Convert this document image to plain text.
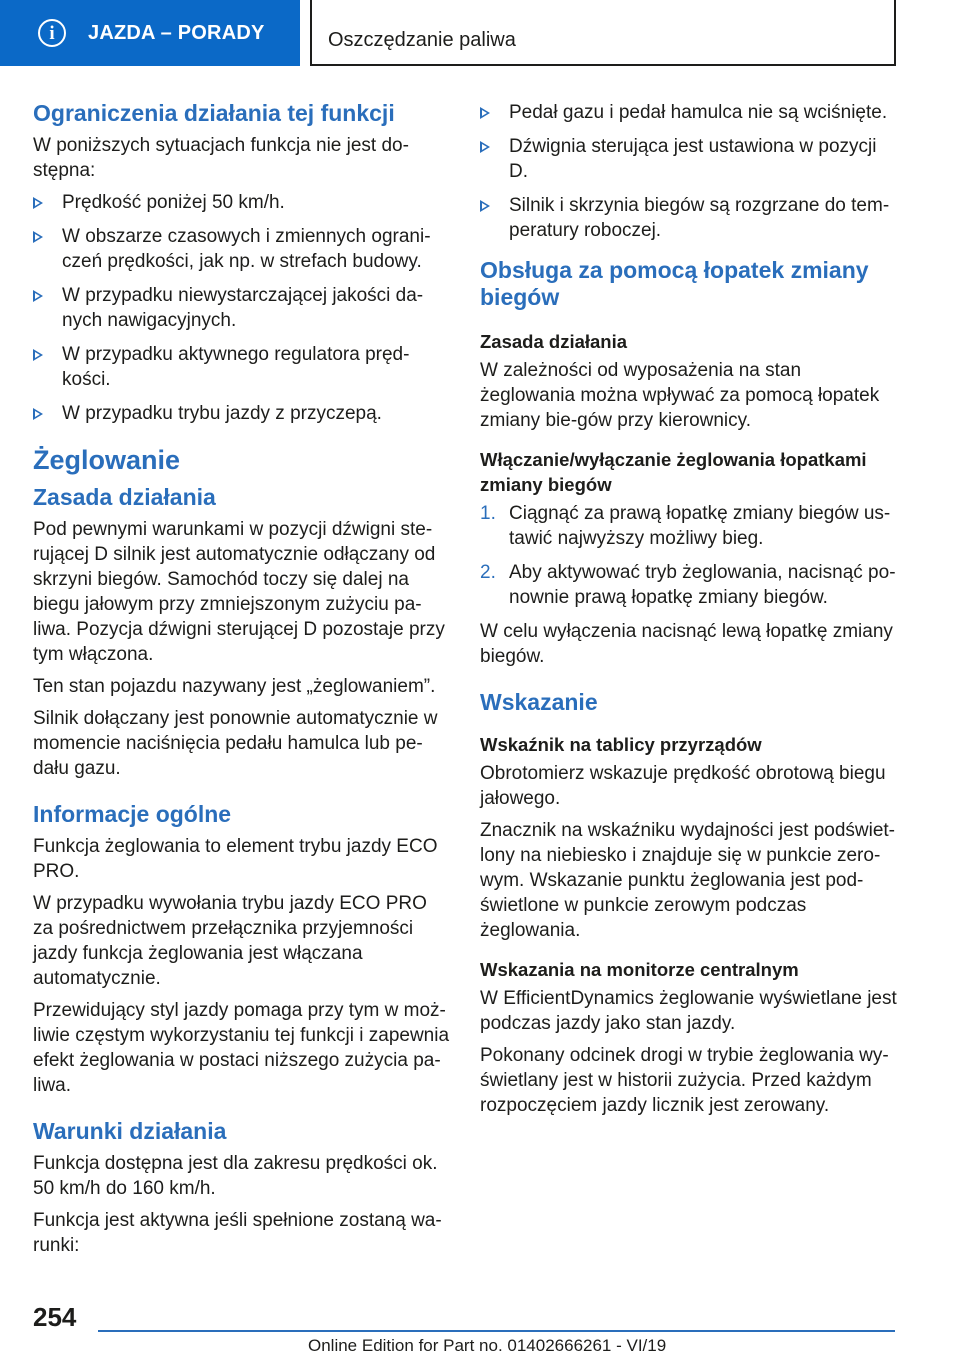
i JAZDA – PORADY	Oszczędzanie paliwa
Ograniczenia działania tej funkcji

W poniższych sytuacjach funkcja nie jest do-stępna:

Prędkość poniżej 50 km/h.
W obszarze czasowych i zmiennych ograni-czeń prędkości, jak np. w strefach budowy.
W przypadku niewystarczającej jakości da-nych nawigacyjnych.
W przypadku aktywnego regulatora pręd-kości.
W przypadku trybu jazdy z przyczepą.
Żeglowanie
Zasada działania

Pod pewnymi warunkami w pozycji dźwigni ste-rującej D silnik jest automatycznie odłączany od skrzyni biegów. Samochód toczy się dalej na biegu jałowym przy zmniejszonym zużyciu pa-liwa. Pozycja dźwigni sterującej D pozostaje przy tym włączona.

Ten stan pojazdu nazywany jest „żeglowaniem”.

Silnik dołączany jest ponownie automatycznie w momencie naciśnięcia pedału hamulca lub pe-dału gazu.

Informacje ogólne

Funkcja żeglowania to element trybu jazdy ECO PRO.

W przypadku wywołania trybu jazdy ECO PRO za pośrednictwem przełącznika przyjemności jazdy funkcja żeglowania jest włączana automatycznie.

Przewidujący styl jazdy pomaga przy tym w moż-liwie częstym wykorzystaniu tej funkcji i zapewnia efekt żeglowania w postaci niższego zużycia pa-liwa.

Warunki działania

Funkcja dostępna jest dla zakresu prędkości ok. 50 km/h do 160 km/h.

Funkcja jest aktywna jeśli spełnione zostaną wa-runki:

Pedał gazu i pedał hamulca nie są wciśnięte.
Dźwignia sterująca jest ustawiona w pozycji D.
Silnik i skrzynia biegów są rozgrzane do tem-peratury roboczej.
Obsługa za pomocą łopatek zmiany biegów
Zasada działania

W zależności od wyposażenia na stan żeglowania można wpływać za pomocą łopatek zmiany bie-gów przy kierownicy.

Włączanie/wyłączanie żeglowania łopatkami zmiany biegów
1. Ciągnąć za prawą łopatkę zmiany biegów us-tawić najwyższy możliwy bieg.
2. Aby aktywować tryb żeglowania, nacisnąć po-nownie prawą łopatkę zmiany biegów.

W celu wyłączenia nacisnąć lewą łopatkę zmiany biegów.

Wskazanie
Wskaźnik na tablicy przyrządów

Obrotomierz wskazuje prędkość obrotową biegu jałowego.

Znacznik na wskaźniku wydajności jest podświet-lony na niebiesko i znajduje się w punkcie zero-wym. Wskazanie punktu żeglowania jest pod-świetlone w punkcie zerowym podczas żeglowania.

Wskazania na monitorze centralnym

W EfficientDynamics żeglowanie wyświetlane jest podczas jazdy jako stan jazdy.

Pokonany odcinek drogi w trybie żeglowania wy-świetlany jest w historii zużycia. Przed każdym rozpoczęciem jazdy licznik jest zerowany.

254
Online Edition for Part no. 01402666261 - VI/19
